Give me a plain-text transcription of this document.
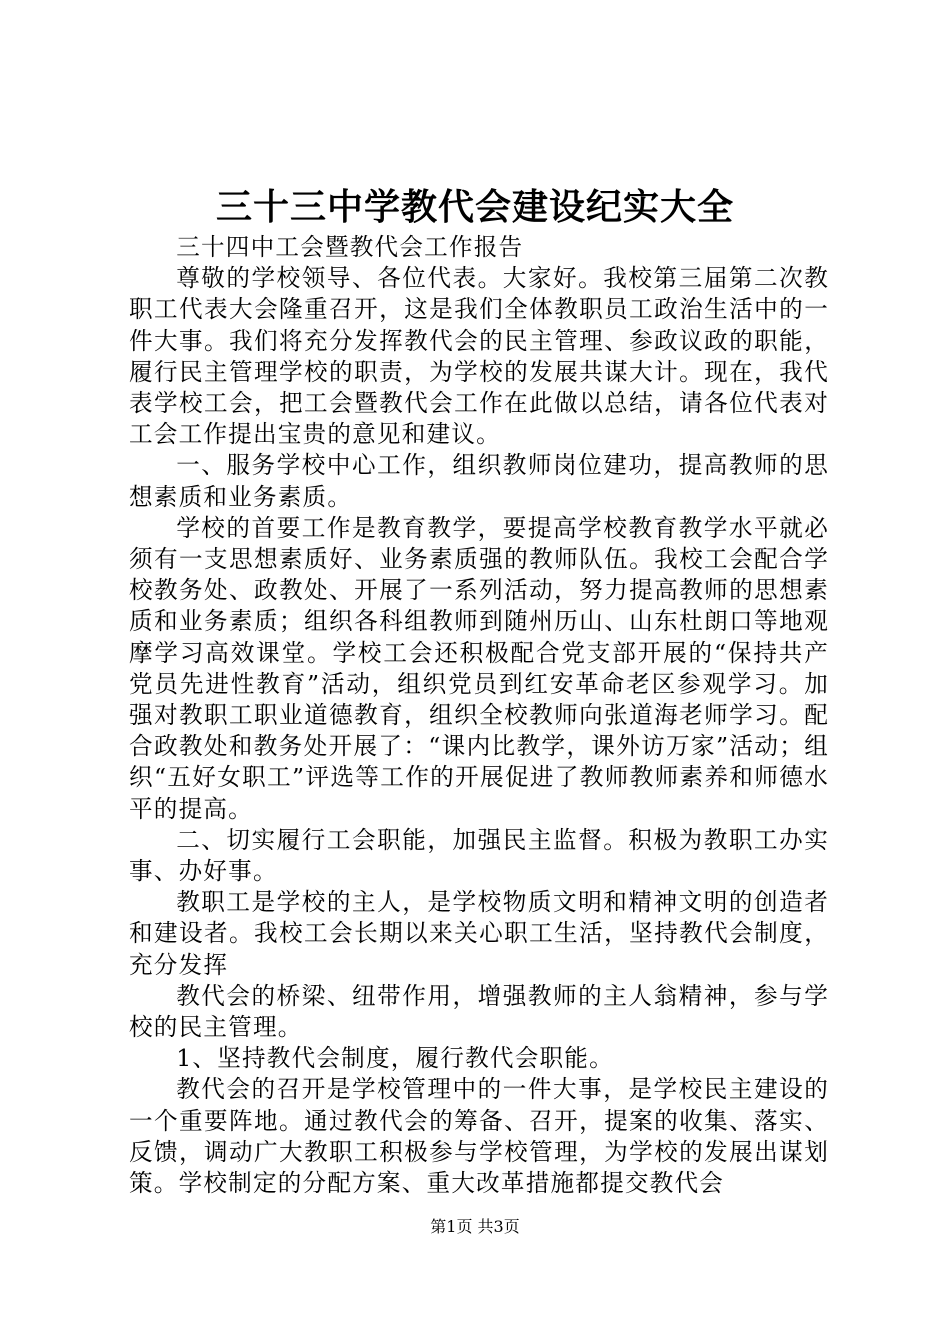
三十三中学教代会建设纪实大全

三十四中工会暨教代会工作报告

尊敬的学校领导、各位代表。大家好。我校第三届第二次教职工代表大会隆重召开，这是我们全体教职员工政治生活中的一件大事。我们将充分发挥教代会的民主管理、参政议政的职能，履行民主管理学校的职责，为学校的发展共谋大计。现在，我代表学校工会，把工会暨教代会工作在此做以总结，请各位代表对工会工作提出宝贵的意见和建议。

一、服务学校中心工作，组织教师岗位建功，提高教师的思想素质和业务素质。

学校的首要工作是教育教学，要提高学校教育教学水平就必须有一支思想素质好、业务素质强的教师队伍。我校工会配合学校教务处、政教处、开展了一系列活动，努力提高教师的思想素质和业务素质；组织各科组教师到随州历山、山东杜朗口等地观摩学习高效课堂。学校工会还积极配合党支部开展的“保持共产党员先进性教育”活动，组织党员到红安革命老区参观学习。加强对教职工职业道德教育，组织全校教师向张道海老师学习。配合政教处和教务处开展了：“课内比教学，课外访万家”活动；组织“五好女职工”评选等工作的开展促进了教师教师素养和师德水平的提高。

二、切实履行工会职能，加强民主监督。积极为教职工办实事、办好事。

教职工是学校的主人，是学校物质文明和精神文明的创造者和建设者。我校工会长期以来关心职工生活，坚持教代会制度，充分发挥

教代会的桥梁、纽带作用，增强教师的主人翁精神，参与学校的民主管理。

1、坚持教代会制度，履行教代会职能。

教代会的召开是学校管理中的一件大事，是学校民主建设的一个重要阵地。通过教代会的筹备、召开，提案的收集、落实、反馈，调动广大教职工积极参与学校管理，为学校的发展出谋划策。学校制定的分配方案、重大改革措施都提交教代会

第1页 共3页
